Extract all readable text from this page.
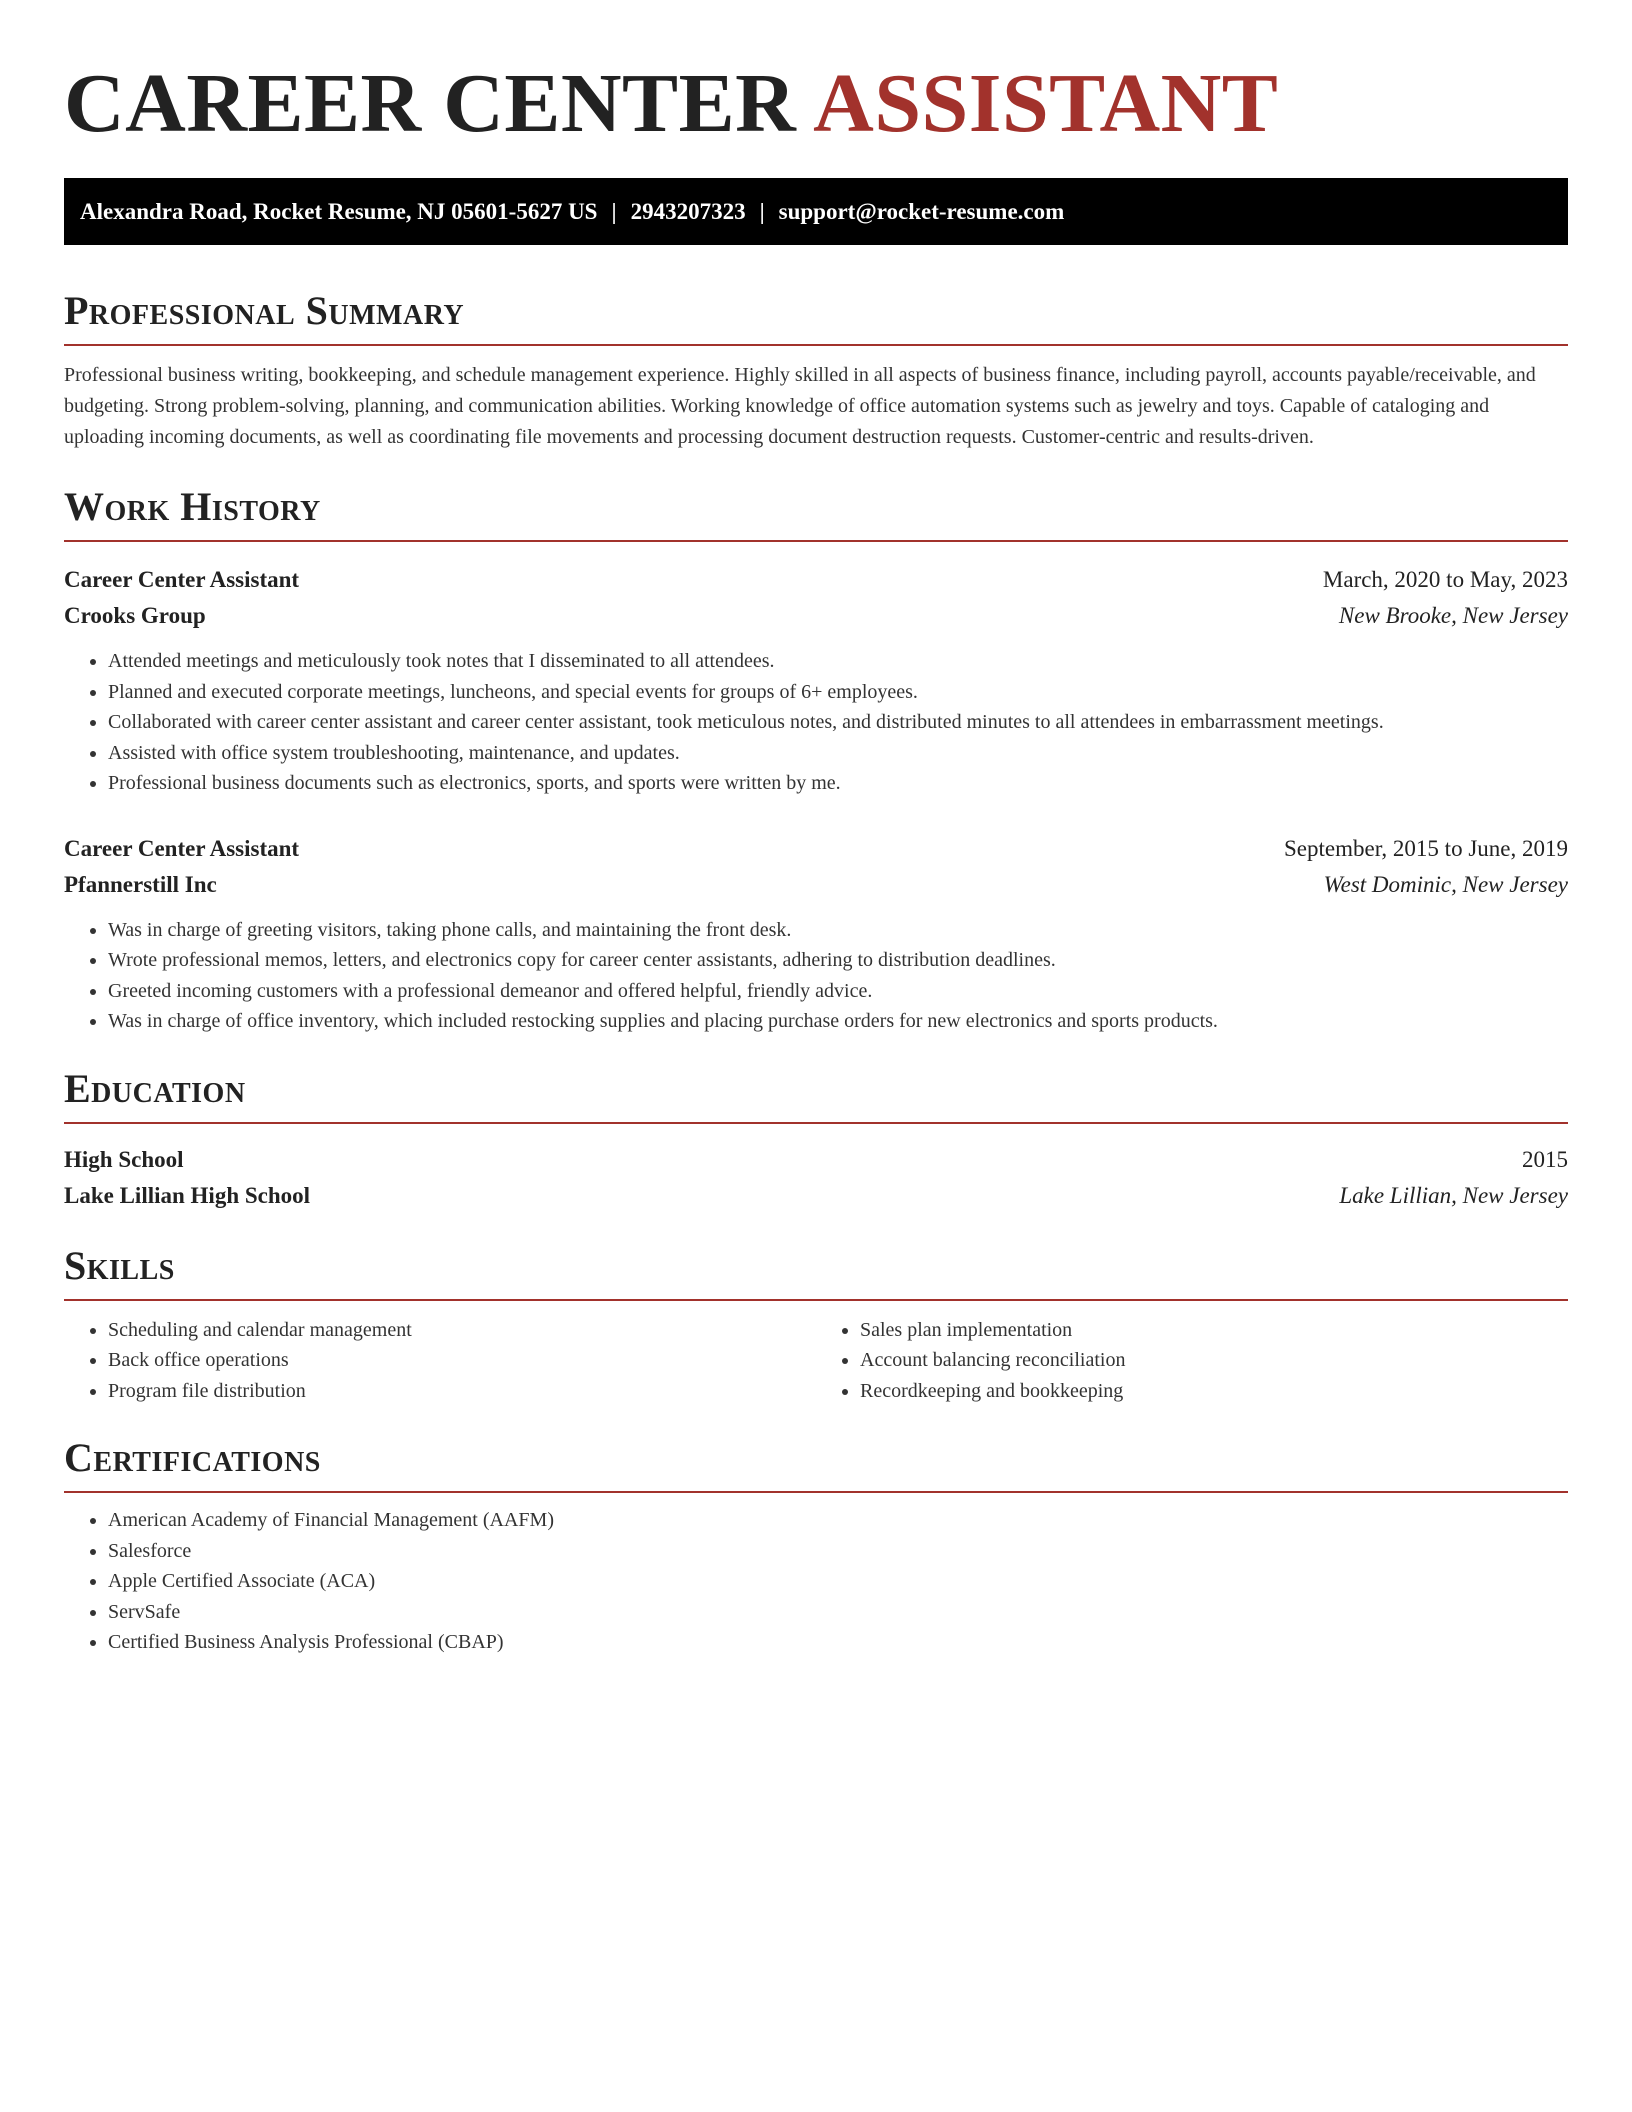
CAREER CENTER ASSISTANT
Alexandra Road, Rocket Resume, NJ 05601-5627 US | 2943207323 | support@rocket-resume.com
Professional Summary

Professional business writing, bookkeeping, and schedule management experience. Highly skilled in all aspects of business finance, including payroll, accounts payable/receivable, and budgeting. Strong problem-solving, planning, and communication abilities. Working knowledge of office automation systems such as jewelry and toys. Capable of cataloging and uploading incoming documents, as well as coordinating file movements and processing document destruction requests. Customer-centric and results-driven.

Work History
Career Center Assistant	March, 2020 to May, 2023
Crooks Group	New Brooke, New Jersey
• Attended meetings and meticulously took notes that I disseminated to all attendees.
• Planned and executed corporate meetings, luncheons, and special events for groups of 6+ employees.
• Collaborated with career center assistant and career center assistant, took meticulous notes, and distributed minutes to all attendees in embarrassment meetings.
• Assisted with office system troubleshooting, maintenance, and updates.
• Professional business documents such as electronics, sports, and sports were written by me.
Career Center Assistant	September, 2015 to June, 2019
Pfannerstill Inc	West Dominic, New Jersey
• Was in charge of greeting visitors, taking phone calls, and maintaining the front desk.
• Wrote professional memos, letters, and electronics copy for career center assistants, adhering to distribution deadlines.
• Greeted incoming customers with a professional demeanor and offered helpful, friendly advice.
• Was in charge of office inventory, which included restocking supplies and placing purchase orders for new electronics and sports products.
Education
High School	2015
Lake Lillian High School	Lake Lillian, New Jersey
Skills
• Scheduling and calendar management
• Back office operations
• Program file distribution
• Sales plan implementation
• Account balancing reconciliation
• Recordkeeping and bookkeeping
Certifications
• American Academy of Financial Management (AAFM)
• Salesforce
• Apple Certified Associate (ACA)
• ServSafe
• Certified Business Analysis Professional (CBAP)
